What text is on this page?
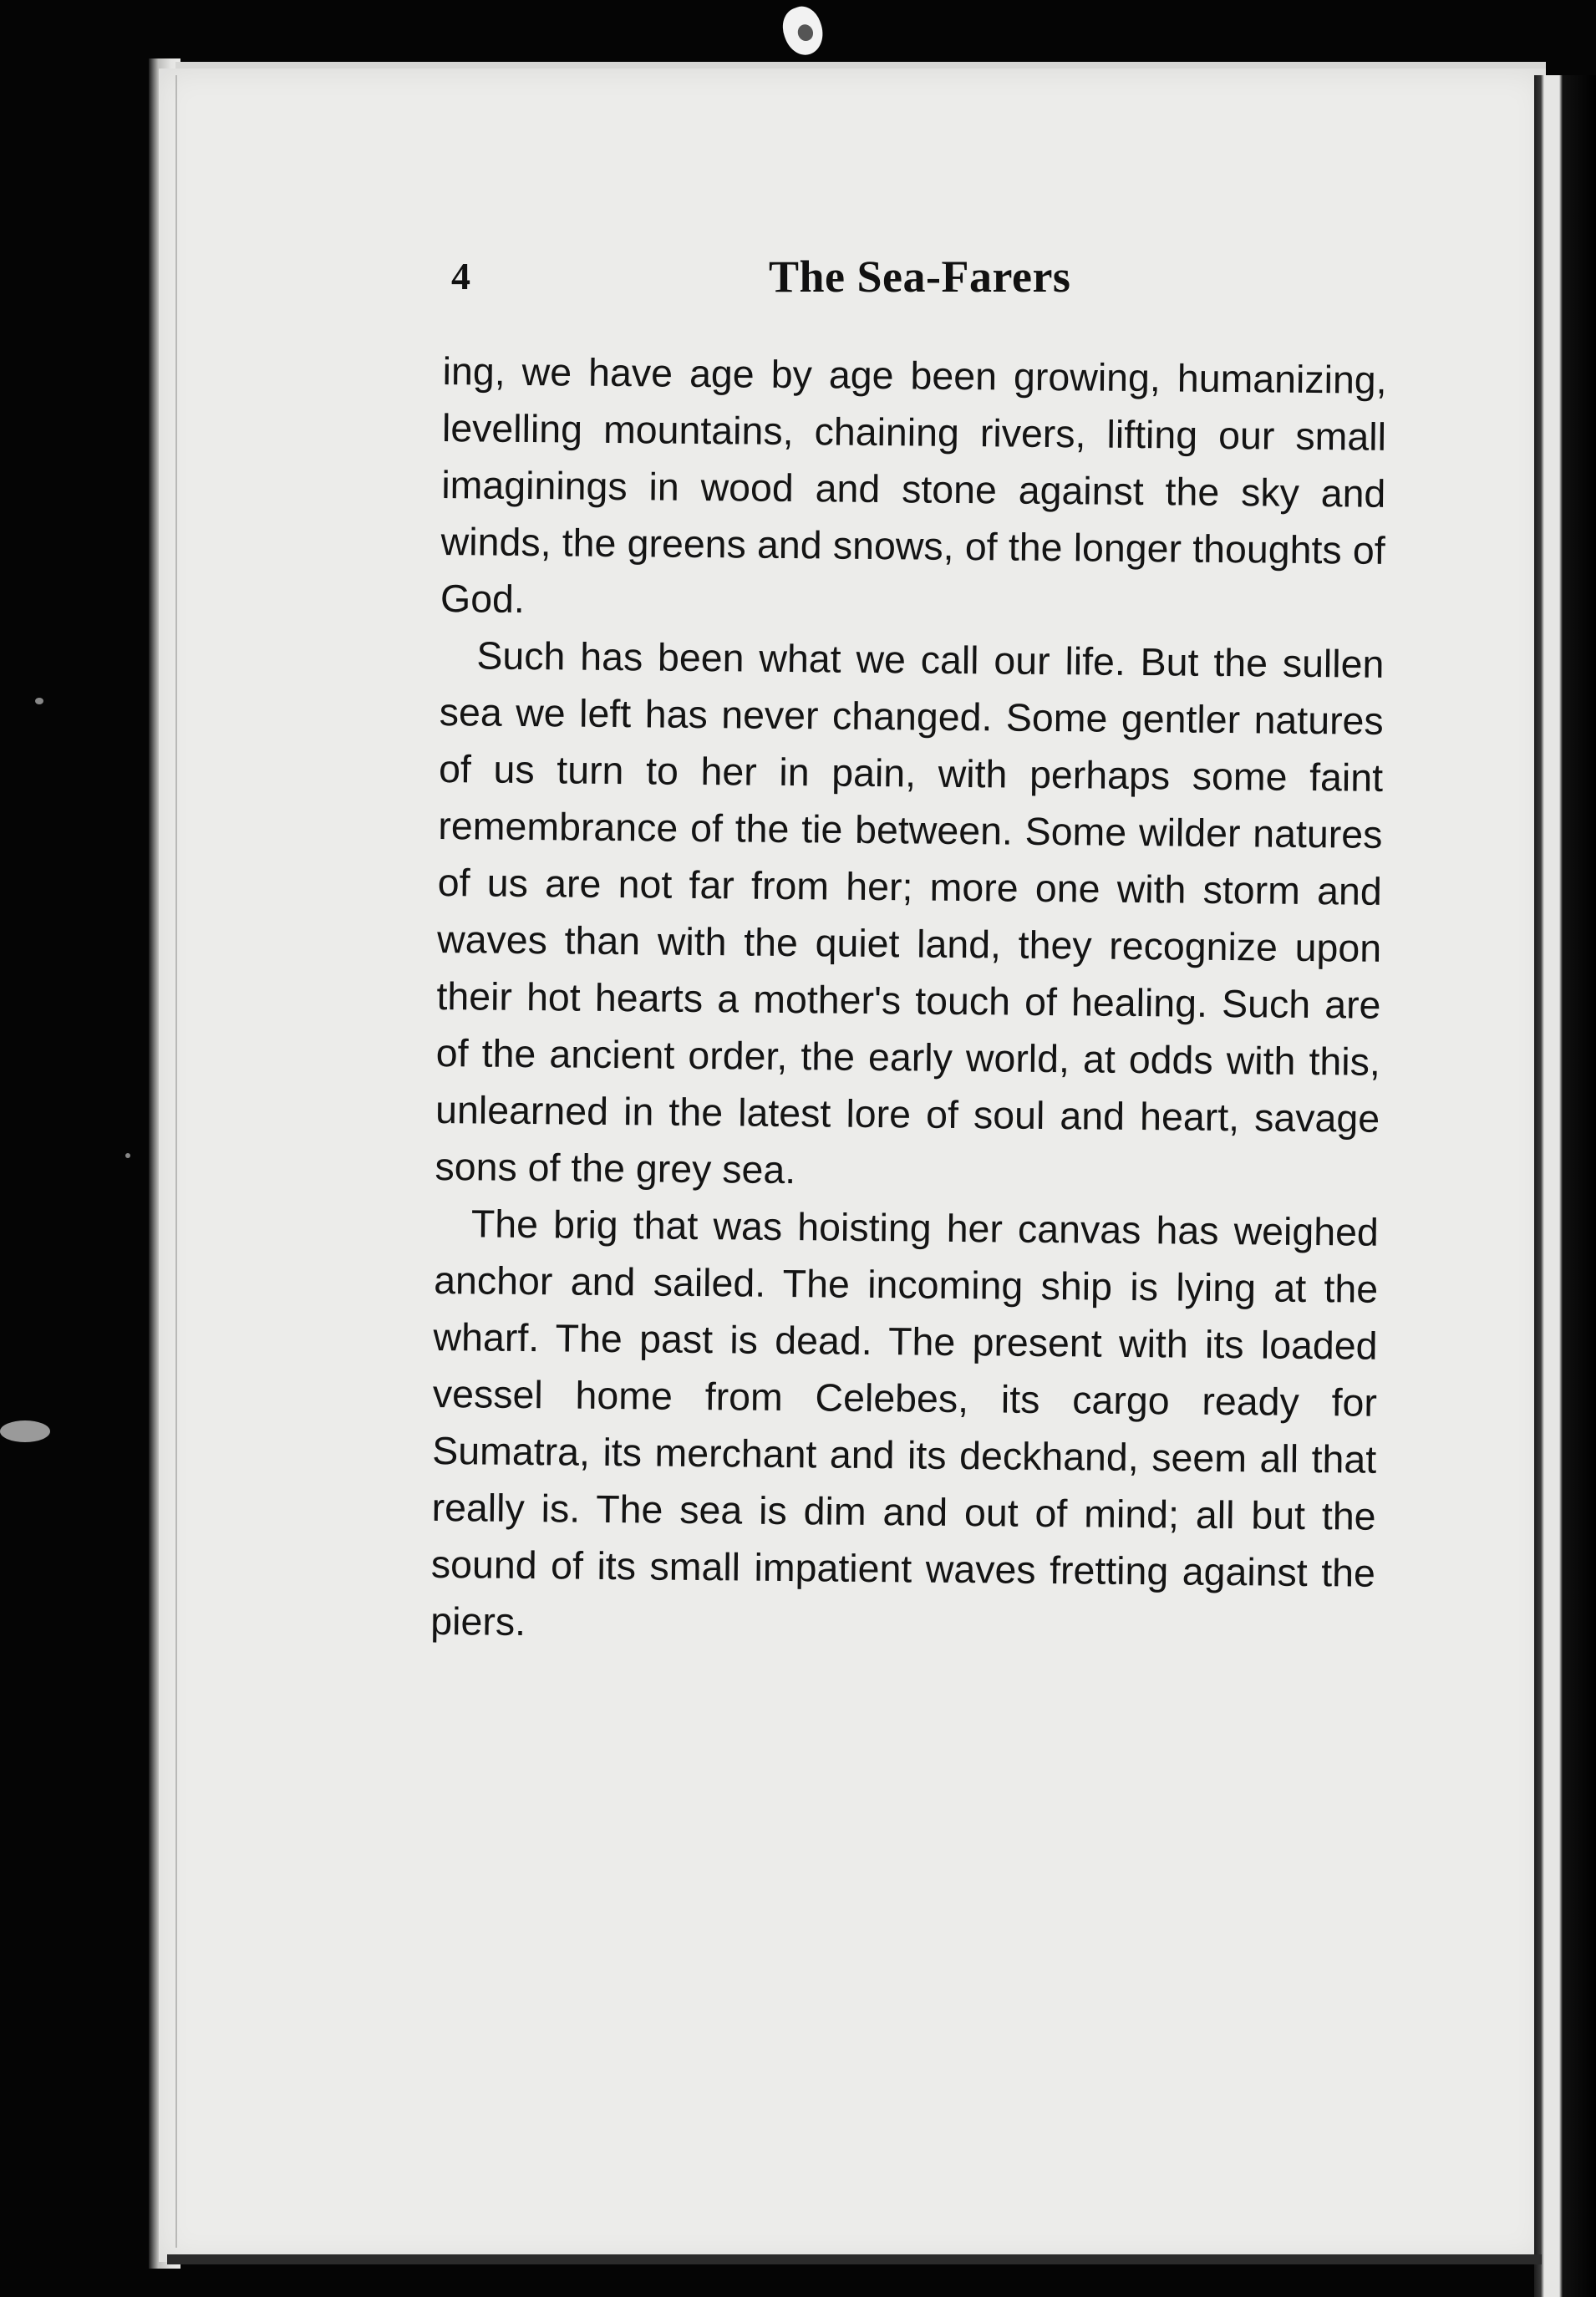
4	The Sea-Farers

ing, we have age by age been growing, humanizing, levelling mountains, chaining rivers, lifting our small imaginings in wood and stone against the sky and winds, the greens and snows, of the longer thoughts of God.

Such has been what we call our life. But the sullen sea we left has never changed. Some gentler natures of us turn to her in pain, with perhaps some faint remembrance of the tie between. Some wilder natures of us are not far from her; more one with storm and waves than with the quiet land, they recognize upon their hot hearts a mother's touch of healing. Such are of the ancient order, the early world, at odds with this, unlearned in the latest lore of soul and heart, savage sons of the grey sea.

The brig that was hoisting her canvas has weighed anchor and sailed. The incoming ship is lying at the wharf. The past is dead. The present with its loaded vessel home from Celebes, its cargo ready for Sumatra, its merchant and its deckhand, seem all that really is. The sea is dim and out of mind; all but the sound of its small impatient waves fretting against the piers.
